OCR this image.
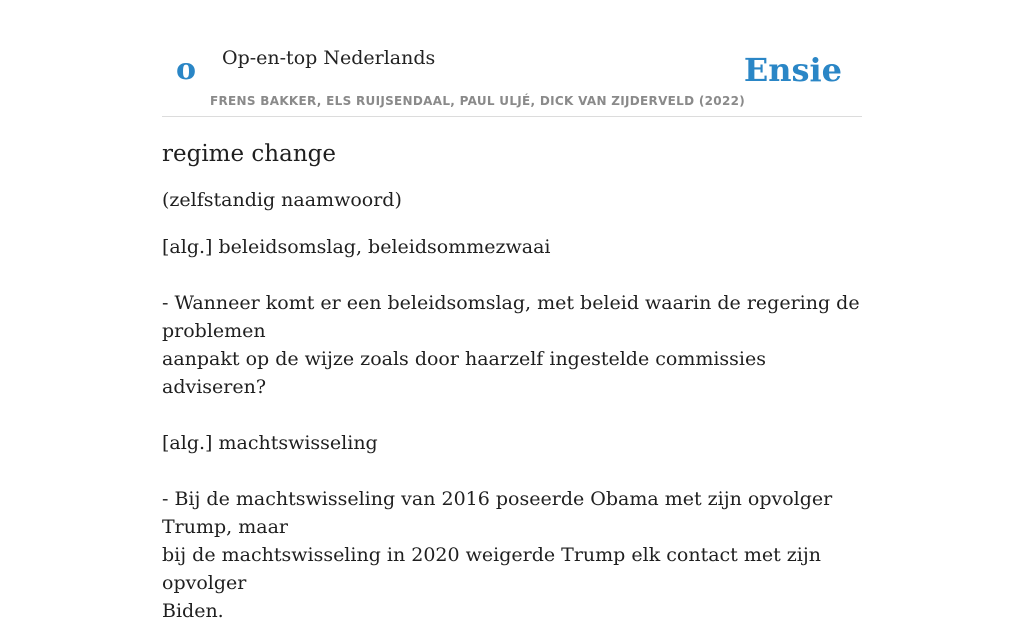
o Op-en-top Nederlands
FRENS BAKKER, ELS RUIJSENDAAL, PAUL ULJÉ, DICK VAN ZIJDERVELD (2022)
Ensie
regime change

(zelfstandig naamwoord)

[alg.] beleidsomslag, beleidsommezwaai

- Wanneer komt er een beleidsomslag, met beleid waarin de regering de problemen

aanpakt op de wijze zoals door haarzelf ingestelde commissies adviseren?

[alg.] machtswisseling

- Bij de machtswisseling van 2016 poseerde Obama met zijn opvolger Trump, maar

bij de machtswisseling in 2020 weigerde Trump elk contact met zijn opvolger

Biden.
